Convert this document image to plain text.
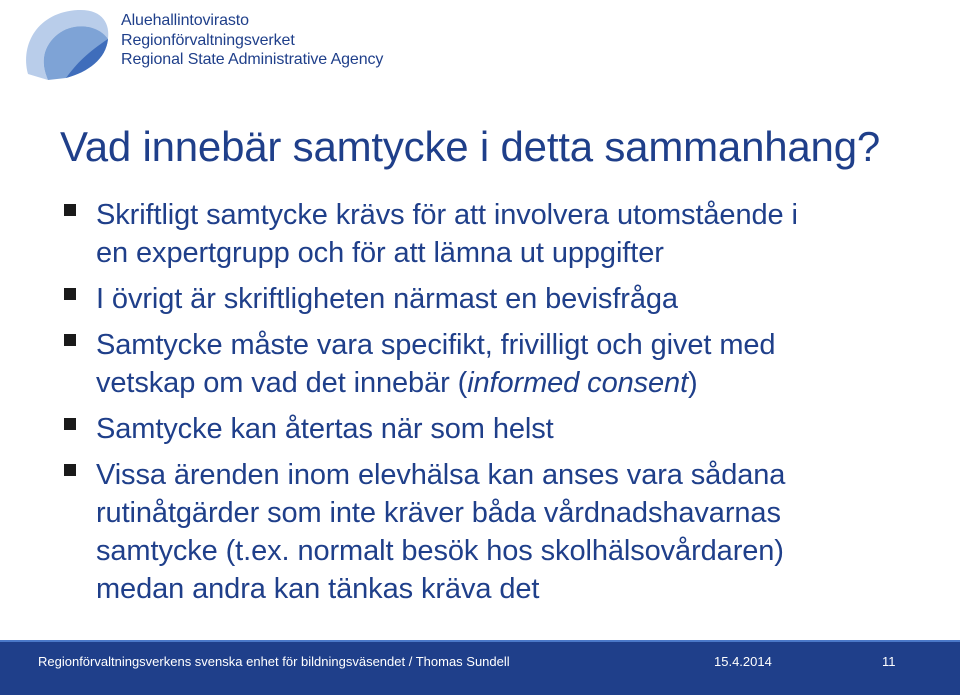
Aluehallintovirasto
Regionförvaltningsverket
Regional State Administrative Agency
Vad innebär samtycke i detta sammanhang?
Skriftligt samtycke krävs för att involvera utomstående i
en expertgrupp och för att lämna ut uppgifter
I övrigt är skriftligheten närmast en bevisfråga
Samtycke måste vara specifikt, frivilligt och givet med
vetskap om vad det innebär (informed consent)
Samtycke kan återtas när som helst
Vissa ärenden inom elevhälsa kan anses vara sådana
rutinåtgärder som inte kräver båda vårdnadshavarnas
samtycke (t.ex. normalt besök hos skolhälsovårdaren)
medan andra kan tänkas kräva det
Regionförvaltningsverkens svenska enhet för bildningsväsendet / Thomas Sundell	15.4.2014	11
